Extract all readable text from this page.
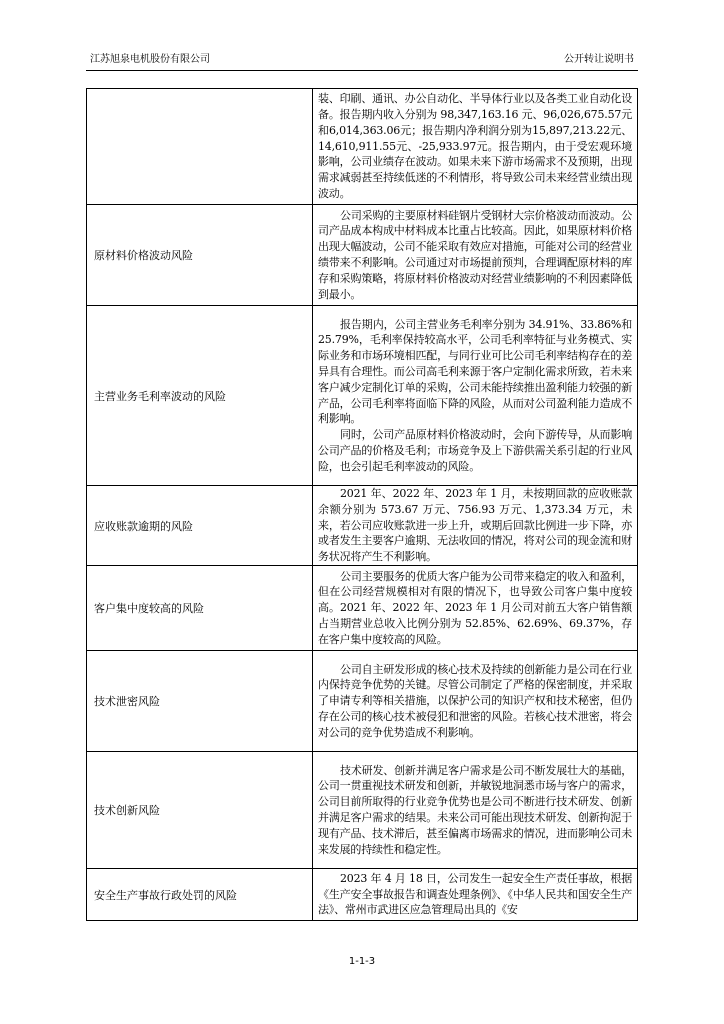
江苏旭泉电机股份有限公司	公开转让说明书

	装、印刷、通讯、办公自动化、半导体行业以及各类工业自动化设备。报告期内收入分别为 98,347,163.16 元、96,026,675.57元和6,014,363.06元；报告期内净利润分别为15,897,213.22元、14,610,911.55元、-25,933.97元。报告期内，由于受宏观环境影响，公司业绩存在波动。如果未来下游市场需求不及预期，出现需求减弱甚至持续低迷的不利情形，将导致公司未来经营业绩出现波动。

原材料价格波动风险	公司采购的主要原材料硅钢片受钢材大宗价格波动而波动。公司产品成本构成中材料成本比重占比较高。因此，如果原材料价格出现大幅波动，公司不能采取有效应对措施，可能对公司的经营业绩带来不利影响。公司通过对市场提前预判，合理调配原材料的库存和采购策略，将原材料价格波动对经营业绩影响的不利因素降低到最小。

主营业务毛利率波动的风险	报告期内，公司主营业务毛利率分别为 34.91%、33.86%和 25.79%，毛利率保持较高水平，公司毛利率特征与业务模式、实际业务和市场环境相匹配，与同行业可比公司毛利率结构存在的差异具有合理性。而公司高毛利来源于客户定制化需求所致，若未来客户减少定制化订单的采购，公司未能持续推出盈利能力较强的新产品，公司毛利率将面临下降的风险，从而对公司盈利能力造成不利影响。

同时，公司产品原材料价格波动时，会向下游传导，从而影响公司产品的价格及毛利；市场竞争及上下游供需关系引起的行业风险，也会引起毛利率波动的风险。

应收账款逾期的风险	2021 年、2022 年、2023 年 1 月，未按期回款的应收账款余额分别为 573.67 万元、756.93 万元、1,373.34 万元，未来，若公司应收账款进一步上升，或期后回款比例进一步下降，亦或者发生主要客户逾期、无法收回的情况，将对公司的现金流和财务状况将产生不利影响。

客户集中度较高的风险	公司主要服务的优质大客户能为公司带来稳定的收入和盈利，但在公司经营规模相对有限的情况下，也导致公司客户集中度较高。2021 年、2022 年、2023 年 1 月公司对前五大客户销售额占当期营业总收入比例分别为 52.85%、62.69%、69.37%，存在客户集中度较高的风险。

技术泄密风险	公司自主研发形成的核心技术及持续的创新能力是公司在行业内保持竞争优势的关键。尽管公司制定了严格的保密制度，并采取了申请专利等相关措施，以保护公司的知识产权和技术秘密，但仍存在公司的核心技术被侵犯和泄密的风险。若核心技术泄密，将会对公司的竞争优势造成不利影响。

技术创新风险	技术研发、创新并满足客户需求是公司不断发展壮大的基础，公司一贯重视技术研发和创新，并敏锐地洞悉市场与客户的需求，公司目前所取得的行业竞争优势也是公司不断进行技术研发、创新并满足客户需求的结果。未来公司可能出现技术研发、创新拘泥于现有产品、技术滞后，甚至偏离市场需求的情况，进而影响公司未来发展的持续性和稳定性。

安全生产事故行政处罚的风险	2023 年 4 月 18 日，公司发生一起安全生产责任事故，根据《生产安全事故报告和调查处理条例》、《中华人民共和国安全生产法》、常州市武进区应急管理局出具的《安

1-1-3
